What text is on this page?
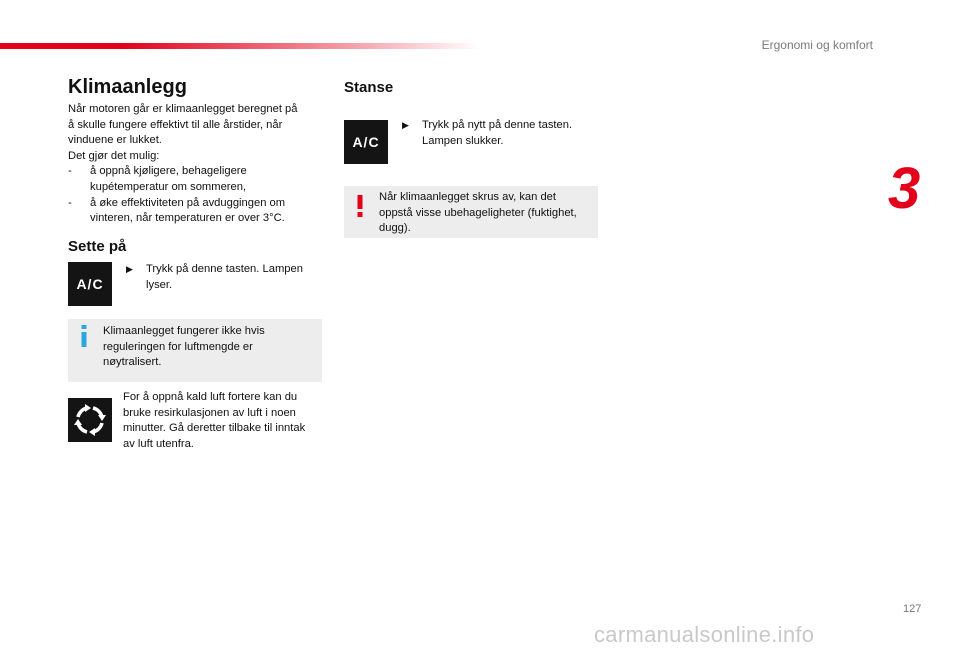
Ergonomi og komfort
3
Klimaanlegg

Når motoren går er klimaanlegget beregnet på

å skulle fungere effektivt til alle årstider, når

vinduene er lukket.

Det gjør det mulig:

- å oppnå kjøligere, behageligere
kupétemperatur om sommeren,
- å øke effektiviteten på avduggingen om
vinteren, når temperaturen er over 3°C.
Sette på
A/C
▶	Trykk på denne tasten. Lampen
lyser.
Klimaanlegget fungerer ikke hvis
reguleringen for luftmengde er
nøytralisert.
For å oppnå kald luft fortere kan du
bruke resirkulasjonen av luft i noen
minutter. Gå deretter tilbake til inntak
av luft utenfra.
Stanse
A/C
▶	Trykk på nytt på denne tasten.
Lampen slukker.
Når klimaanlegget skrus av, kan det
oppstå visse ubehageligheter (fuktighet,
dugg).
127
carmanualsonline.info
